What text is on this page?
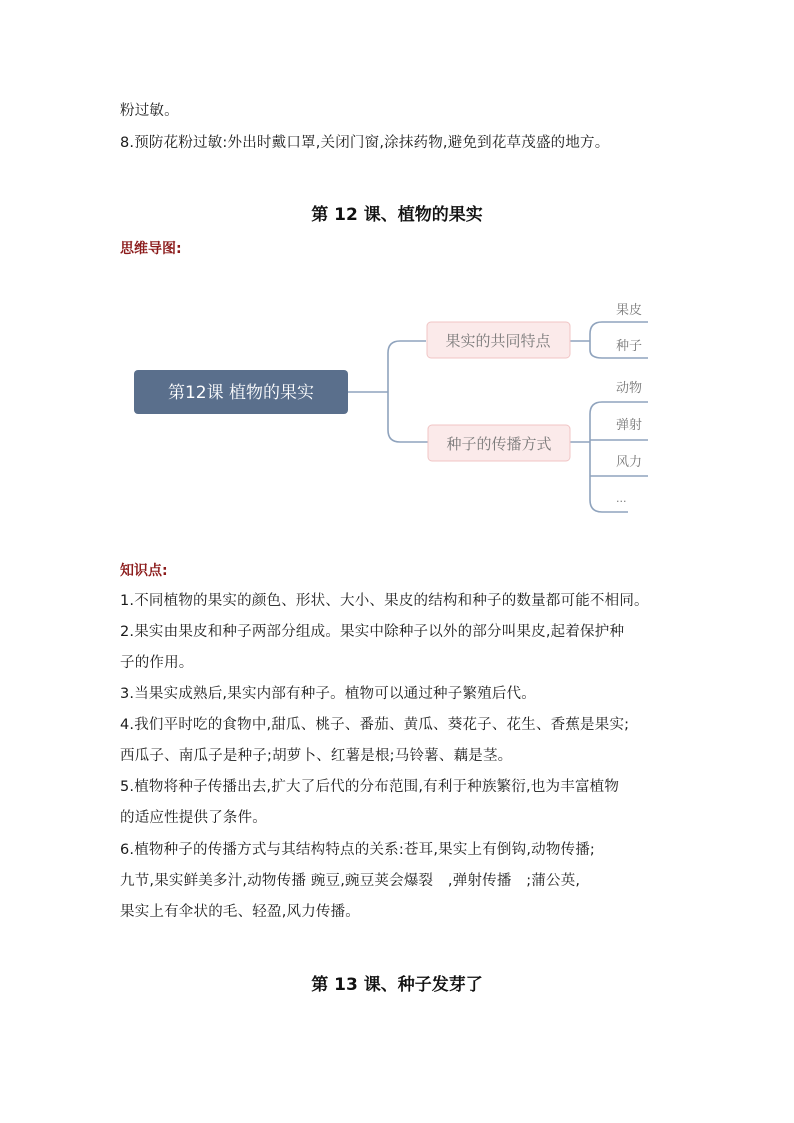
粉过敏。
8.预防花粉过敏:外出时戴口罩,关闭门窗,涂抹药物,避免到花草茂盛的地方。
第 12 课、植物的果实
思维导图:
第12课 植物的果实
果实的共同特点
种子的传播方式
果皮
种子
动物
弹射
风力
...
知识点:
1.不同植物的果实的颜色、形状、大小、果皮的结构和种子的数量都可能不相同。
2.果实由果皮和种子两部分组成。果实中除种子以外的部分叫果皮,起着保护种
子的作用。
3.当果实成熟后,果实内部有种子。植物可以通过种子繁殖后代。
4.我们平时吃的食物中,甜瓜、桃子、番茄、黄瓜、葵花子、花生、香蕉是果实;
西瓜子、南瓜子是种子;胡萝卜、红薯是根;马铃薯、藕是茎。
5.植物将种子传播出去,扩大了后代的分布范围,有利于种族繁衍,也为丰富植物
的适应性提供了条件。
6.植物种子的传播方式与其结构特点的关系:苍耳,果实上有倒钩,动物传播;
九节,果实鲜美多汁,动物传播 豌豆,豌豆荚会爆裂　,弹射传播　;蒲公英,
果实上有伞状的毛、轻盈,风力传播。
第 13 课、种子发芽了
